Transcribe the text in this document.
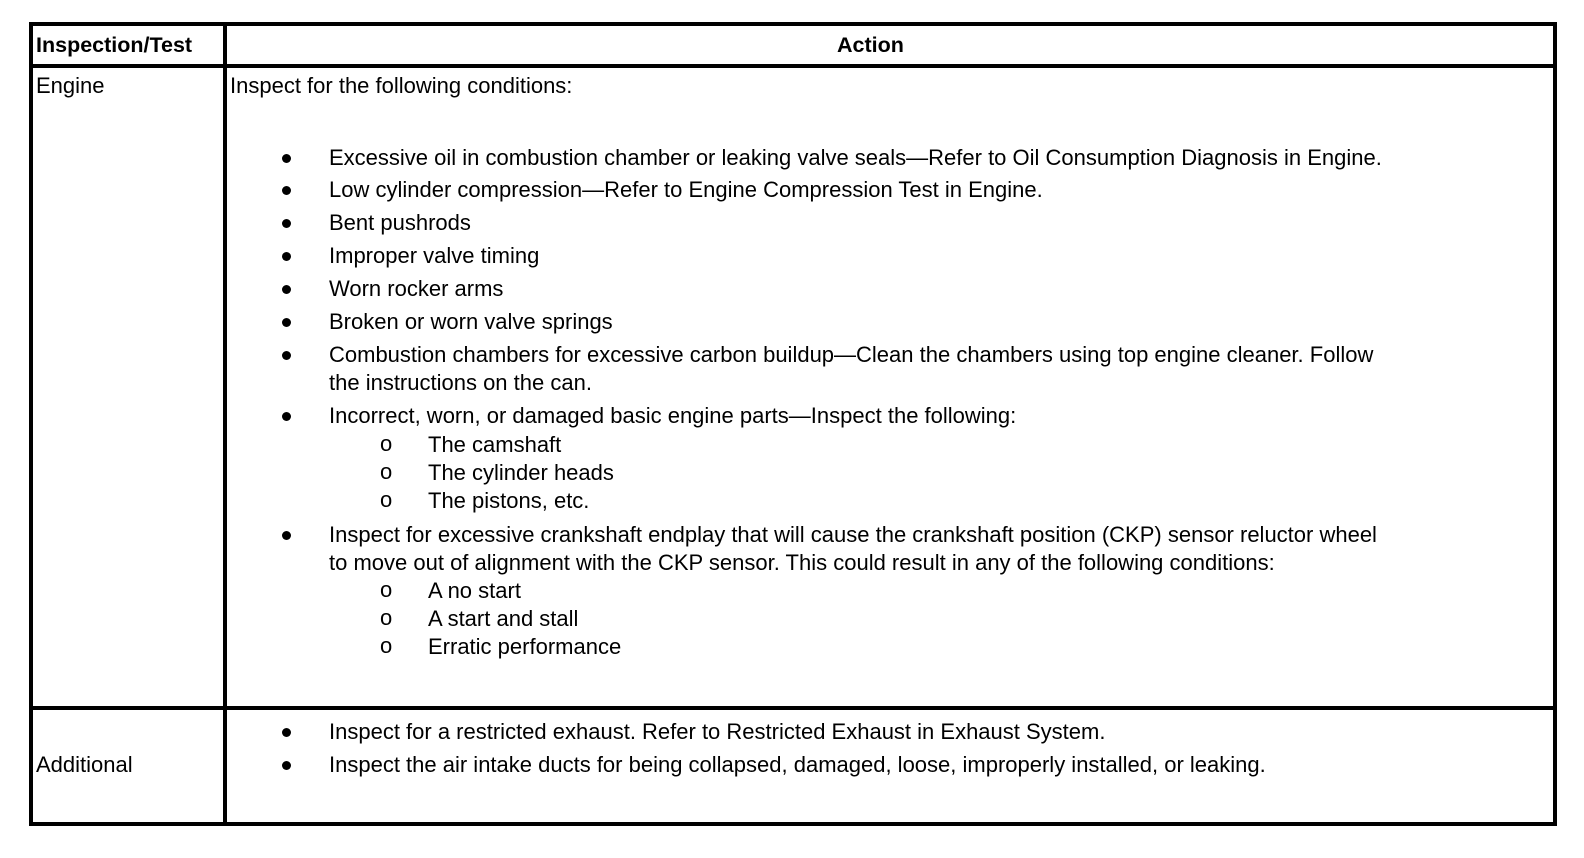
Inspection/Test	Action
Engine	Inspect for the following conditions:
Excessive oil in combustion chamber or leaking valve seals—Refer to Oil Consumption Diagnosis in Engine.
Low cylinder compression—Refer to Engine Compression Test in Engine.
Bent pushrods
Improper valve timing
Worn rocker arms
Broken or worn valve springs
Combustion chambers for excessive carbon buildup—Clean the chambers using top engine cleaner. Follow
the instructions on the can.
Incorrect, worn, or damaged basic engine parts—Inspect the following:
o The camshaft
o The cylinder heads
o The pistons, etc.
Inspect for excessive crankshaft endplay that will cause the crankshaft position (CKP) sensor reluctor wheel
to move out of alignment with the CKP sensor. This could result in any of the following conditions:
o A no start
o A start and stall
o Erratic performance
Additional
Inspect for a restricted exhaust. Refer to Restricted Exhaust in Exhaust System.
Inspect the air intake ducts for being collapsed, damaged, loose, improperly installed, or leaking.
